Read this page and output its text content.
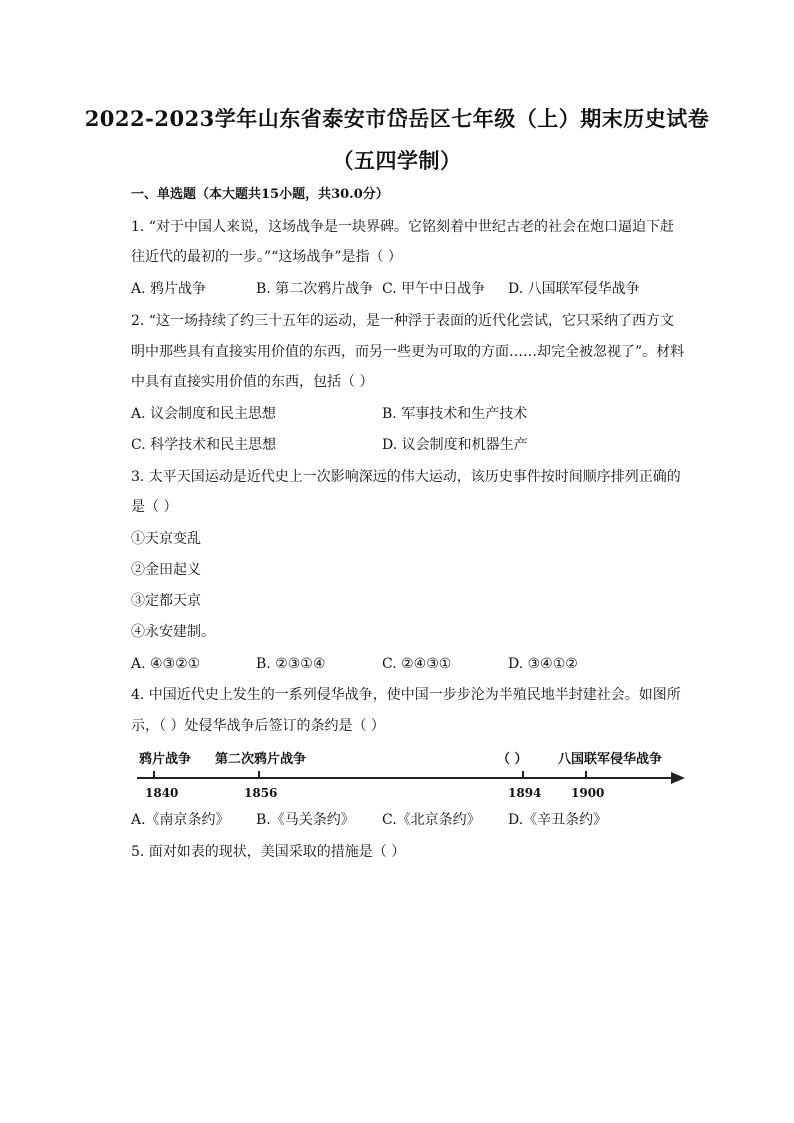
2022-2023学年山东省泰安市岱岳区七年级（上）期末历史试卷
（五四学制）
一、单选题（本大题共15小题，共30.0分）
1. “对于中国人来说，这场战争是一块界碑。它铭刻着中世纪古老的社会在炮口逼迫下赶
往近代的最初的一步。”“这场战争”是指（ ）
A. 鸦片战争	B. 第二次鸦片战争 C. 甲午中日战争 D. 八国联军侵华战争
2. “这一场持续了约三十五年的运动，是一种浮于表面的近代化尝试，它只采纳了西方文
明中那些具有直接实用价值的东西，而另一些更为可取的方面……却完全被忽视了”。材料
中具有直接实用价值的东西，包括（ ）
A. 议会制度和民主思想	B. 军事技术和生产技术
C. 科学技术和民主思想	D. 议会制度和机器生产
3. 太平天国运动是近代史上一次影响深远的伟大运动，该历史事件按时间顺序排列正确的
是（ ）
①天京变乱
②金田起义
③定都天京
④永安建制。
A. ④③②①	B. ②③①④	C. ②④③①	D. ③④①②
4. 中国近代史上发生的一系列侵华战争，使中国一步步沦为半殖民地半封建社会。如图所
示，（ ）处侵华战争后签订的条约是（ ）
鸦片战争 第二次鸦片战争	（ ） 八国联军侵华战争
1840	1856	1894 1900
A.《南京条约》 B.《马关条约》 C.《北京条约》 D.《辛丑条约》
5. 面对如表的现状，美国采取的措施是（ ）
